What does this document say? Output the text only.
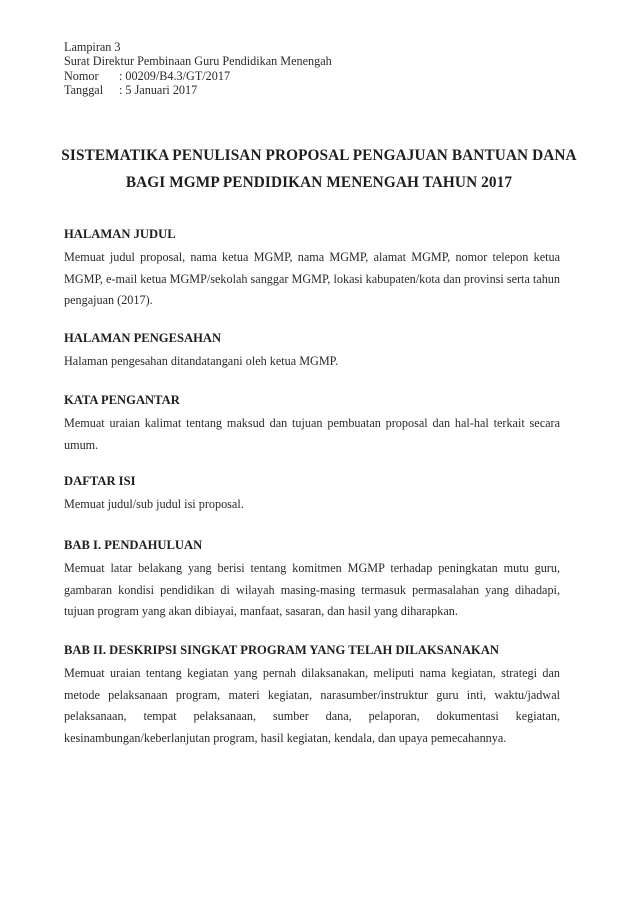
Lampiran 3
Surat Direktur Pembinaan Guru Pendidikan Menengah
Nomor	: 00209/B4.3/GT/2017
Tanggal	: 5 Januari 2017
SISTEMATIKA PENULISAN PROPOSAL PENGAJUAN BANTUAN DANA
BAGI MGMP PENDIDIKAN MENENGAH TAHUN 2017
HALAMAN JUDUL

Memuat judul proposal, nama ketua MGMP, nama MGMP, alamat MGMP, nomor telepon ketua MGMP, e-mail ketua MGMP/sekolah sanggar MGMP, lokasi kabupaten/kota dan provinsi serta tahun pengajuan (2017).

HALAMAN PENGESAHAN

Halaman pengesahan ditandatangani oleh ketua MGMP.

KATA PENGANTAR

Memuat uraian kalimat tentang maksud dan tujuan pembuatan proposal dan hal-hal terkait secara umum.

DAFTAR ISI

Memuat judul/sub judul isi proposal.

BAB I. PENDAHULUAN

Memuat latar belakang yang berisi tentang komitmen MGMP terhadap peningkatan mutu guru, gambaran kondisi pendidikan di wilayah masing-masing termasuk permasalahan yang dihadapi, tujuan program yang akan dibiayai, manfaat, sasaran, dan hasil yang diharapkan.

BAB II. DESKRIPSI SINGKAT PROGRAM YANG TELAH DILAKSANAKAN

Memuat uraian tentang kegiatan yang pernah dilaksanakan, meliputi nama kegiatan, strategi dan metode pelaksanaan program, materi kegiatan, narasumber/instruktur guru inti, waktu/jadwal pelaksanaan, tempat pelaksanaan, sumber dana, pelaporan, dokumentasi kegiatan, kesinambungan/keberlanjutan program, hasil kegiatan, kendala, dan upaya pemecahannya.
